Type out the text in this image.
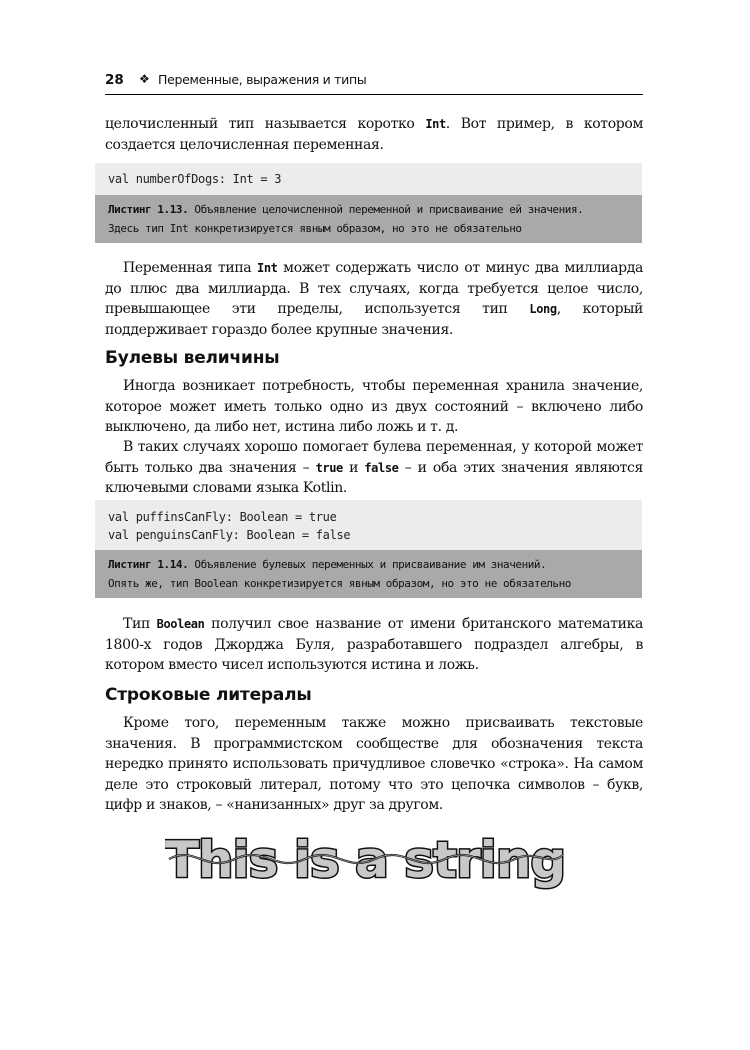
28 ❖ Переменные, выражения и типы

целочисленный тип называется коротко Int. Вот пример, в котором создается целочисленная переменная.

val numberOfDogs: Int = 3
Листинг 1.13. Объявление целочисленной переменной и присваивание ей значения.
Здесь тип Int конкретизируется явным образом, но это не обязательно

Переменная типа Int может содержать число от минус два миллиарда до плюс два миллиарда. В тех случаях, когда требуется целое число, превышающее эти пределы, используется тип Long, который поддерживает гораздо более крупные значения.

Булевы величины

Иногда возникает потребность, чтобы переменная хранила значение, которое может иметь только одно из двух состояний – включено либо выключено, да либо нет, истина либо ложь и т. д.

В таких случаях хорошо помогает булева переменная, у которой может быть только два значения – true и false – и оба этих значения являются ключевыми словами языка Kotlin.

val puffinsCanFly: Boolean = true
val penguinsCanFly: Boolean = false
Листинг 1.14. Объявление булевых переменных и присваивание им значений.
Опять же, тип Boolean конкретизируется явным образом, но это не обязательно

Тип Boolean получил свое название от имени британского математика 1800-х годов Джорджа Буля, разработавшего подраздел алгебры, в котором вместо чисел используются истина и ложь.

Строковые литералы

Кроме того, переменным также можно присваивать текстовые значения. В программистском сообществе для обозначения текста нередко принято использовать причудливое словечко «строка». На самом деле это строковый литерал, потому что это цепочка символов – букв, цифр и знаков, – «нанизанных» друг за другом.

This is a string
